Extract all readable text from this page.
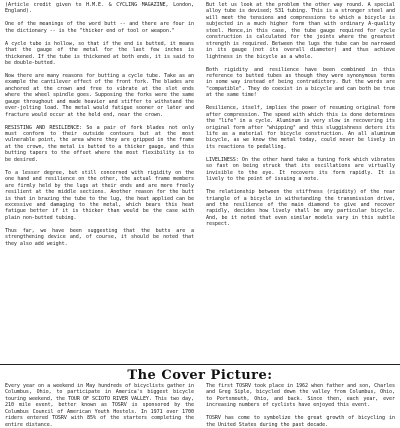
(Article credit given to H.M.E. & CYCLING MAGAZINE, London, England).

One of the meanings of the word butt -- and there are four in the dictionary -- is the "thicker end of tool or weapon."

A cycle tube is hollow, so that if the end is butted, it means that the gauge of the metal for the last few inches is thickened. If the tube is thickened at both ends, it is said to be double-butted.

Now there are many reasons for butting a cycle tube. Take as an example the cantilever effect of the front fork. The blades are anchored at the crown and free to vibrate at the slot ends where the wheel spindle goes. Supposing the forks were the same gauge throughout and made heavier and stiffer to withstand the ever-jolting load. The metal would fatigue sooner or later and fracture would occur at the held end, near the crown.

RESISTING AND RESILIENCE: So a pair of fork blades not only must conform to their outside contours but at the most vulnerable point, the area where they are gripped in the frame at the crown, the metal is butted to a thicker gauge, and this butting tapers to the offset where the most flexibility is to be desired.

To a lesser degree, but still concerned with rigidity on the one hand and resilience on the other, the actual frame members are firmly held by the lugs at their ends and are more freely resilient at the middle sections. Another reason for the butt is that in brazing the tube to the lug, the heat applied can be excessive and damaging to the metal, which bears this heat fatigue better if it is thicker than would be the case with plain non-butted tubing.

Thus far, we have been suggesting that the butts are a strengthening device and, of course, it should be noted that they also add weight.

But let us look at the problem the other way round. A special alloy tube is devised; 531 tubing. This is a stronger steel and will meet the tensions and compressions to which a bicycle is subjected in a much higher form than with ordinary A-quality steel. Hence,in this case, the tube gauge required for cycle construction is calculated for the joints where the greatest strength is required. Between the lugs the tube can be narrowed in its gauge (not its overall diameter) and thus achieve lightness in the bicycle as a whole.

Both rigidity and resilience have been combined in this reference to butted tubes as though they were synonymous terms in some way instead of being contradictory. But the words are "compatible". They do coexist in a bicycle and can both be true at the same time!

Resilience, itself, implies the power of resuming original form after compression. The speed with which this is done determines the "life" in a cycle. Aluminum is very slow in recovering its original form after "whipping" and this sluggishness deters its life as a material for bicycle construction. An all aluminum bicycle, as we know the metal today, could never be lively in its reactions to pedalling.

LIVELINESS: On the other hand take a tuning fork which vibrates so fast on being struck that its oscillations are virtually invisible to the eye. It recovers its form rapidly. It is lively to the point of issuing a note.

The relationship between the stiffness (rigidity) of the rear triangle of a bicycle in withstanding the transmission drive, and the resilience of the main diamond to give and recover rapidly, decides how lively shall be any particular bicycle. And, be it noted that even similar models vary in this subtle respect.

The Cover Picture:

Every year on a weekend in May hundreds of bicyclists gather in Columbus, Ohio, to participate in America's biggest bicycle touring weekend, the TOUR OF SCIOTO RIVER VALLEY. This two day, 210 mile event, better known as TOSRV is sponsored by the Columbus Council of American Youth Hostels. In 1971 over 1700 riders entered TOSRV with 85% of the starters completing the entire distance.

The first TOSRV took place in 1962 when father and son, Charles and Greg Siple, bicycled down the valley from Columbus, Ohio, to Portsmouth, Ohio, and back. Since then, each year, ever increasing numbers of cyclists have enjoyed this event.

TOSRV has come to symbolize the great growth of bicycling in the United States during the past decade.
